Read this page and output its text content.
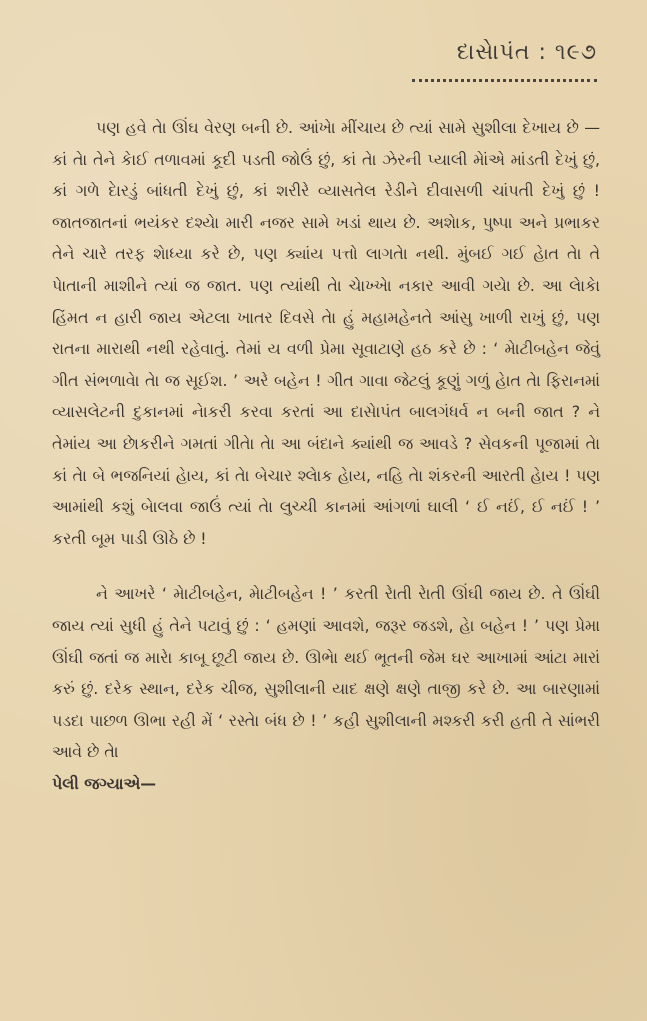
દાસેાપંત : ૧૯૭

પણ હવે તેા ઊંઘ વેરણ બની છે. આંખેા મીંચાય છે ત્યાં સામે સુશીલા દેખાય છે — કાં તેા તેને કેાઈ તળાવમાં કૂદી પડતી જોઉં છું, કાં તેા ઝેરની પ્યાલી મેાંએ માંડતી દેખું છું, કાં ગળે દેારડું બાંધતી દેખું છું, કાં શરીરે વ્યાસતેલ રેડીને દીવાસળી ચાંપતી દેખું છું ! જાતજાતનાં ભયંકર દશ્યેા મારી નજર સામે ખડાં થાય છે. અશેાક, પુષ્પા અને પ્રભાકર તેને ચારે તરફ શેાધ્યા કરે છે, પણ ક્યાંય પત્તો લાગતેા નથી. મુંબઈ ગઈ હેાત તેા તે પેાતાની માશીને ત્યાં જ જાત. પણ ત્યાંથી તેા ચેાખ્ખેા નકાર આવી ગયેા છે. આ લેાકેા હિંમત ન હારી જાય એટલા ખાતર દિવસે તેા હું મહામહેનતે આંસુ ખાળી રાખું છું, પણ રાતના મારાથી નથી રહેવાતું. તેમાં ય વળી પ્રેમા સૂવાટાણે હઠ કરે છે : ‘ મેાટીબહેન જેવું ગીત સંભળાવેા તેા જ સૂઈશ. ’ અરે બહેન ! ગીત ગાવા જેટલું કૂણું ગળું હેાત તેા ફિરાનમાં વ્યાસલેટની દુકાનમાં નેાકરી કરવા કરતાં આ દાસેાપંત બાલગંધર્વ ન બની જાત ? ને તેમાંય આ છેાકરીને ગમતાં ગીતેા તેા આ બંદાને ક્યાંથી જ આવડે ? સેવકની પૂજામાં તેા કાં તેા બે ભજનિયાં હેાય, કાં તેા બેચાર શ્લેાક હેાય, નહિ તેા શંકરની આરતી હેાય ! પણ આમાંથી કશું બેાલવા જાઉં ત્યાં તેા લુચ્ચી કાનમાં આંગળાં ઘાલી ‘ ઈ નઈં, ઈ નઈં ! ’ કરતી બૂમ પાડી ઊઠે છે !

ને આખરે ‘ મેાટીબહેન, મેાટીબહેન ! ’ કરતી રેાતી રેાતી ઊંઘી જાય છે. તે ઊંઘી જાય ત્યાં સુધી હું તેને પટાવું છું : ‘ હમણાં આવશે, જરૂર જડશે, હેા બહેન ! ’ પણ પ્રેમા ઊંઘી જતાં જ મારેા કાબૂ છૂટી જાય છે. ઊભેા થઈ ભૂતની જેમ ઘર આખામાં આંટા મારાં કરું છું. દરેક સ્થાન, દરેક ચીજ, સુશીલાની યાદ ક્ષણે ક્ષણે તાજી કરે છે. આ બારણામાં પડદા પાછળ ઊભા રહી મેં ‘ રસ્તેા બંધ છે ! ’ કહી સુશીલાની મશ્કરી કરી હતી તે સાંભરી આવે છે તેા

પેલી જગ્યાએ—
